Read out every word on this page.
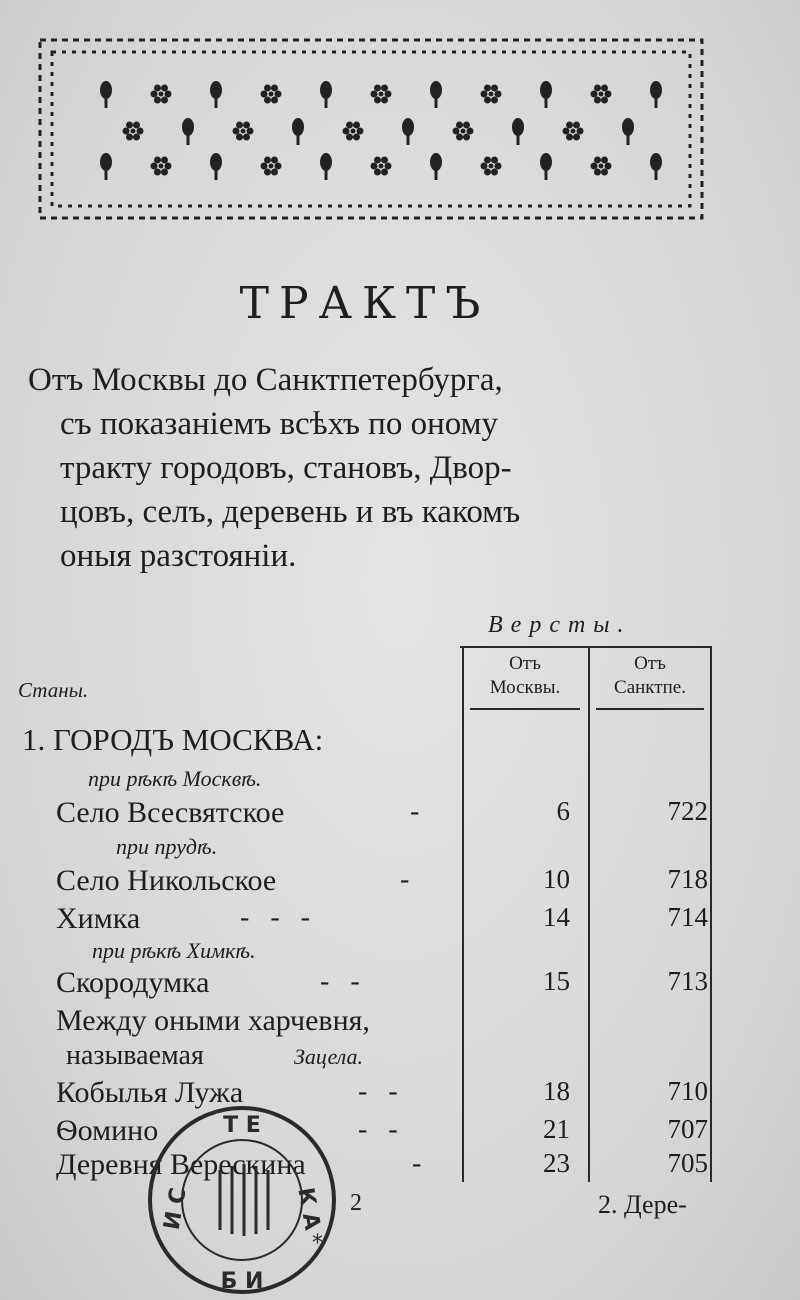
ТРАКТЪ
Отъ Москвы до Санктпетербурга,
съ показанiемъ всѣхъ по оному
тракту городовъ, становъ, Двор-
цовъ, селъ, деревень и въ какомъ
оныя разстоянiи.
Версты.
Отъ
Москвы.
Отъ
Санктпе.
Станы.
1. ГОРОДЪ МОСКВА:
при рѣкѣ Москвѣ.
Село Всесвятское	-	6	722
при прудѣ.
Село Никольское	-	10	718
Химка	-   -   -	14	714
при рѣкѣ Химкѣ.
Скородумка	-   -	15	713
Между оными харчевня,
называемая	Зацела.
Кобылья Лужа	-   -	18	710
Ѳомино	-   -	21	707
Деревня Верескина	-	23	705
2	2. Дере-
Т Е
И С	К А
Б И
*
